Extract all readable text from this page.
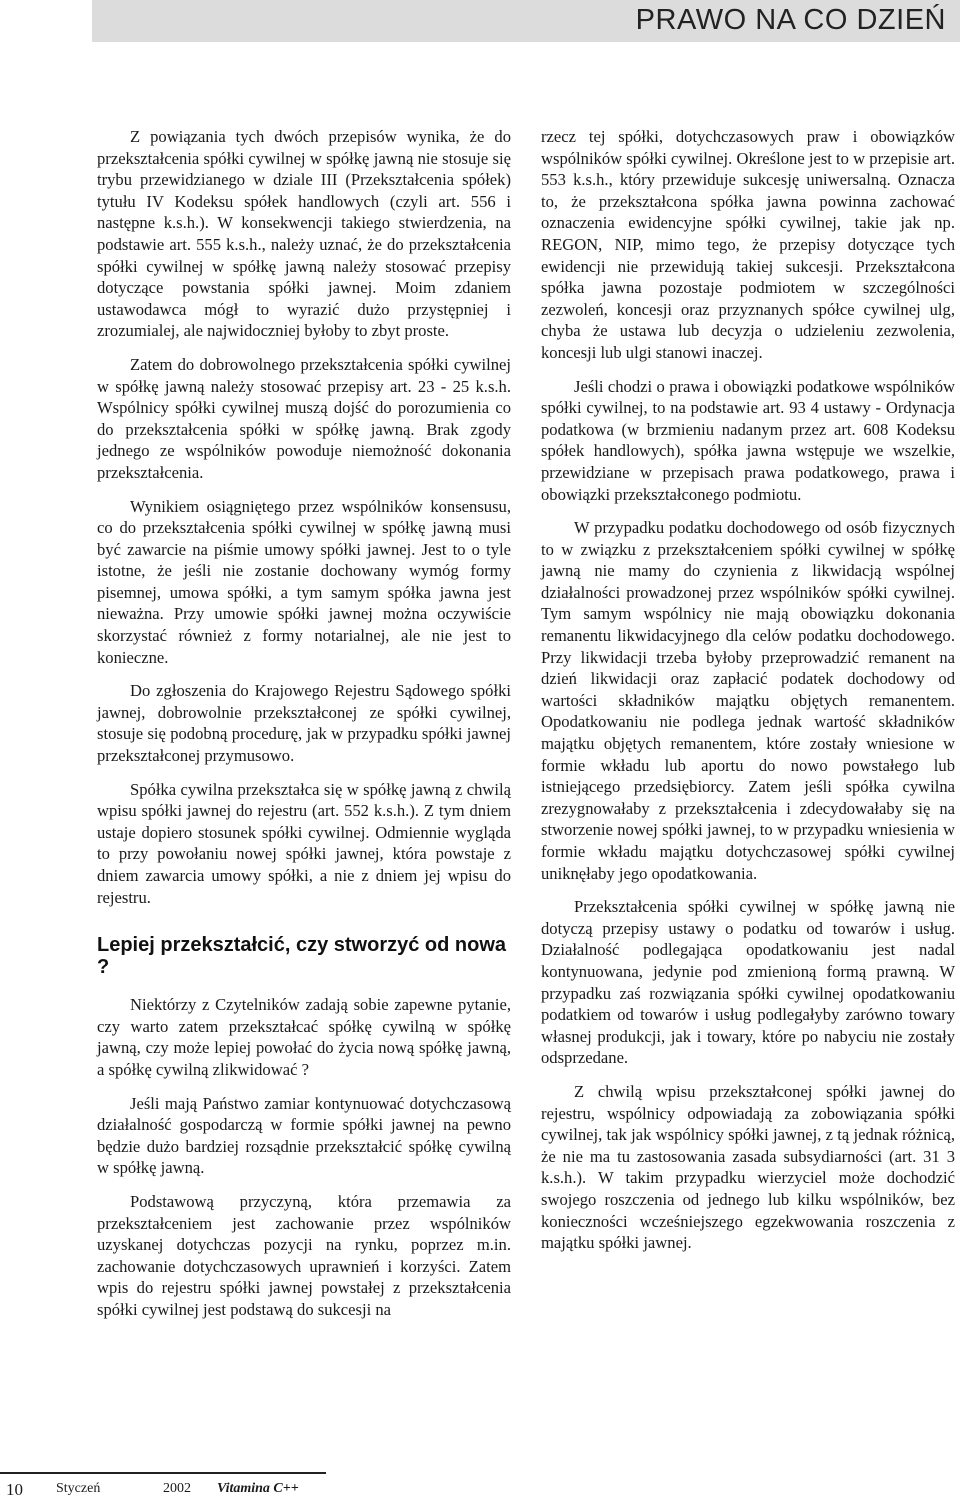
PRAWO NA CO DZIEŃ

Z powiązania tych dwóch przepisów wynika, że do przekształcenia spółki cywilnej w spółkę jawną nie stosuje się trybu przewidzianego w dziale III (Przekształcenia spółek) tytułu IV Kodeksu spółek handlowych (czyli art. 556 i następne k.s.h.). W konsekwencji takiego stwierdzenia, na podstawie art. 555 k.s.h., należy uznać, że do przekształcenia spółki cywilnej w spółkę jawną należy stosować przepisy dotyczące powstania spółki jawnej. Moim zdaniem ustawodawca mógł to wyrazić dużo przystępniej i zrozumialej, ale najwidoczniej byłoby to zbyt proste.

Zatem do dobrowolnego przekształcenia spółki cywilnej w spółkę jawną należy stosować przepisy art. 23 - 25 k.s.h. Wspólnicy spółki cywilnej muszą dojść do porozumienia co do przekształcenia spółki w spółkę jawną. Brak zgody jednego ze wspólników powoduje niemożność dokonania przekształcenia.

Wynikiem osiągniętego przez wspólników konsensusu, co do przekształcenia spółki cywilnej w spółkę jawną musi być zawarcie na piśmie umowy spółki jawnej. Jest to o tyle istotne, że jeśli nie zostanie dochowany wymóg formy pisemnej, umowa spółki, a tym samym spółka jawna jest nieważna. Przy umowie spółki jawnej można oczywiście skorzystać również z formy notarialnej, ale nie jest to konieczne.

Do zgłoszenia do Krajowego Rejestru Sądowego spółki jawnej, dobrowolnie przekształconej ze spółki cywilnej, stosuje się podobną procedurę, jak w przypadku spółki jawnej przekształconej przymusowo.

Spółka cywilna przekształca się w spółkę jawną z chwilą wpisu spółki jawnej do rejestru (art. 552 k.s.h.). Z tym dniem ustaje dopiero stosunek spółki cywilnej. Odmiennie wygląda to przy powołaniu nowej spółki jawnej, która powstaje z dniem zawarcia umowy spółki, a nie z dniem jej wpisu do rejestru.

Lepiej przekształcić, czy stworzyć od nowa ?

Niektórzy z Czytelników zadają sobie zapewne pytanie, czy warto zatem przekształcać spółkę cywilną w spółkę jawną, czy może lepiej powołać do życia nową spółkę jawną, a spółkę cywilną zlikwidować ?

Jeśli mają Państwo zamiar kontynuować dotychczasową działalność gospodarczą w formie spółki jawnej na pewno będzie dużo bardziej rozsądnie przekształcić spółkę cywilną w spółkę jawną.

Podstawową przyczyną, która przemawia za przekształceniem jest zachowanie przez wspólników uzyskanej dotychczas pozycji na rynku, poprzez m.in. zachowanie dotychczasowych uprawnień i korzyści. Zatem wpis do rejestru spółki jawnej powstałej z przekształcenia spółki cywilnej jest podstawą do sukcesji na

rzecz tej spółki, dotychczasowych praw i obowiązków wspólników spółki cywilnej. Określone jest to w przepisie art. 553 k.s.h., który przewiduje sukcesję uniwersalną. Oznacza to, że przekształcona spółka jawna powinna zachować oznaczenia ewidencyjne spółki cywilnej, takie jak np. REGON, NIP, mimo tego, że przepisy dotyczące tych ewidencji nie przewidują takiej sukcesji. Przekształcona spółka jawna pozostaje podmiotem w szczególności zezwoleń, koncesji oraz przyznanych spółce cywilnej ulg, chyba że ustawa lub decyzja o udzieleniu zezwolenia, koncesji lub ulgi stanowi inaczej.

Jeśli chodzi o prawa i obowiązki podatkowe wspólników spółki cywilnej, to na podstawie art. 93 4 ustawy - Ordynacja podatkowa (w brzmieniu nadanym przez art. 608 Kodeksu spółek handlowych), spółka jawna wstępuje we wszelkie, przewidziane w przepisach prawa podatkowego, prawa i obowiązki przekształconego podmiotu.

W przypadku podatku dochodowego od osób fizycznych to w związku z przekształceniem spółki cywilnej w spółkę jawną nie mamy do czynienia z likwidacją wspólnej działalności prowadzonej przez wspólników spółki cywilnej. Tym samym wspólnicy nie mają obowiązku dokonania remanentu likwidacyjnego dla celów podatku dochodowego. Przy likwidacji trzeba byłoby przeprowadzić remanent na dzień likwidacji oraz zapłacić podatek dochodowy od wartości składników majątku objętych remanentem. Opodatkowaniu nie podlega jednak wartość składników majątku objętych remanentem, które zostały wniesione w formie wkładu lub aportu do nowo powstałego lub istniejącego przedsiębiorcy. Zatem jeśli spółka cywilna zrezygnowałaby z przekształcenia i zdecydowałaby się na stworzenie nowej spółki jawnej, to w przypadku wniesienia w formie wkładu majątku dotychczasowej spółki cywilnej uniknęłaby jego opodatkowania.

Przekształcenia spółki cywilnej w spółkę jawną nie dotyczą przepisy ustawy o podatku od towarów i usług. Działalność podlegająca opodatkowaniu jest nadal kontynuowana, jedynie pod zmienioną formą prawną. W przypadku zaś rozwiązania spółki cywilnej opodatkowaniu podatkiem od towarów i usług podlegałyby zarówno towary własnej produkcji, jak i towary, które po nabyciu nie zostały odsprzedane.

Z chwilą wpisu przekształconej spółki jawnej do rejestru, wspólnicy odpowiadają za zobowiązania spółki cywilnej, tak jak wspólnicy spółki jawnej, z tą jednak różnicą, że nie ma tu zastosowania zasada subsydiarności (art. 31 3 k.s.h.). W takim przypadku wierzyciel może dochodzić swojego roszczenia od jednego lub kilku wspólników, bez konieczności wcześniejszego egzekwowania roszczenia z majątku spółki jawnej.

10 Styczeń	2002 Vitamina C++
